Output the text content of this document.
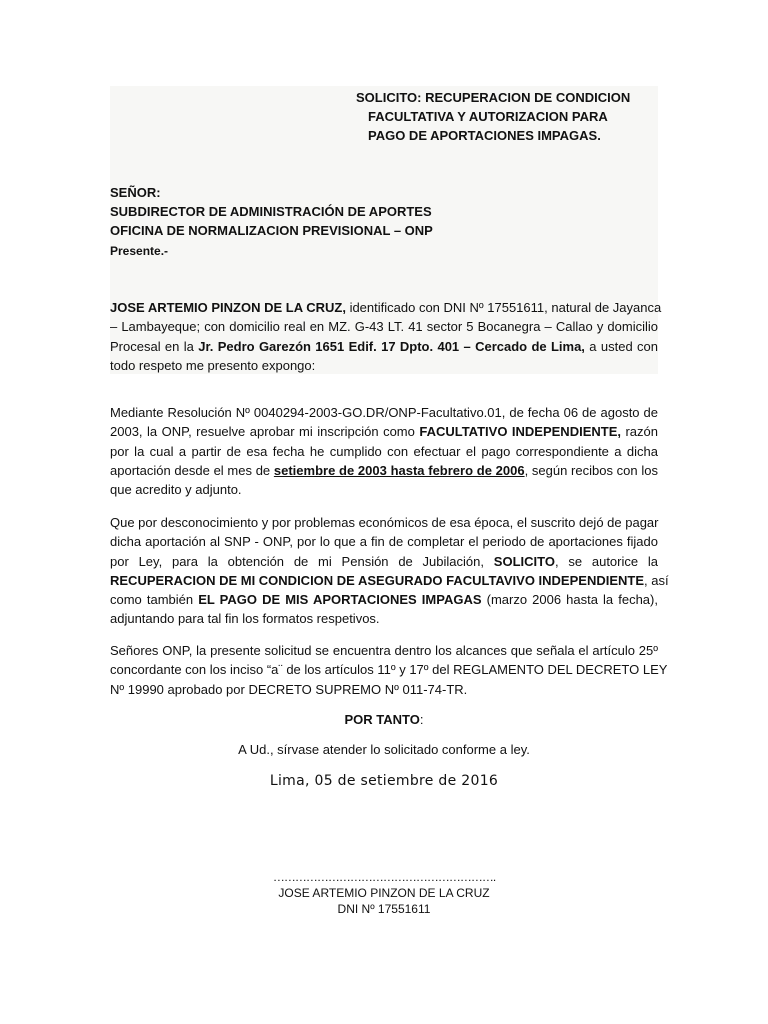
SOLICITO: RECUPERACION DE CONDICION
FACULTATIVA Y AUTORIZACION PARA
PAGO DE APORTACIONES IMPAGAS.
SEÑOR:
SUBDIRECTOR DE ADMINISTRACIÓN DE APORTES
OFICINA DE NORMALIZACION PREVISIONAL – ONP
Presente.-
JOSE ARTEMIO PINZON DE LA CRUZ, identificado con DNI Nº 17551611, natural de Jayanca
– Lambayeque; con domicilio real en MZ. G-43 LT. 41 sector 5 Bocanegra – Callao y domicilio
Procesal en la Jr. Pedro Garezón 1651 Edif. 17 Dpto. 401 – Cercado de Lima, a usted con
todo respeto me presento expongo:
Mediante Resolución Nº 0040294-2003-GO.DR/ONP-Facultativo.01, de fecha 06 de agosto de
2003, la ONP, resuelve aprobar mi inscripción como FACULTATIVO INDEPENDIENTE, razón
por la cual a partir de esa fecha he cumplido con efectuar el pago correspondiente a dicha
aportación desde el mes de setiembre de 2003 hasta febrero de 2006, según recibos con los
que acredito y adjunto.
Que por desconocimiento y por problemas económicos de esa época, el suscrito dejó de pagar
dicha aportación al SNP - ONP, por lo que a fin de completar el periodo de aportaciones fijado
por Ley, para la obtención de mi Pensión de Jubilación, SOLICITO, se autorice la
RECUPERACION DE MI CONDICION DE ASEGURADO FACULTAVIVO INDEPENDIENTE, así
como también EL PAGO DE MIS APORTACIONES IMPAGAS (marzo 2006 hasta la fecha),
adjuntando para tal fin los formatos respetivos.
Señores ONP, la presente solicitud se encuentra dentro los alcances que señala el artículo 25º
concordante con los inciso “a¨ de los artículos 11º y 17º del REGLAMENTO DEL DECRETO LEY
Nº 19990 aprobado por DECRETO SUPREMO Nº 011-74-TR.
POR TANTO:
A Ud., sírvase atender lo solicitado conforme a ley.
Lima, 05 de setiembre de 2016
…………………………………………………….
JOSE ARTEMIO PINZON DE LA CRUZ
DNI Nº 17551611
